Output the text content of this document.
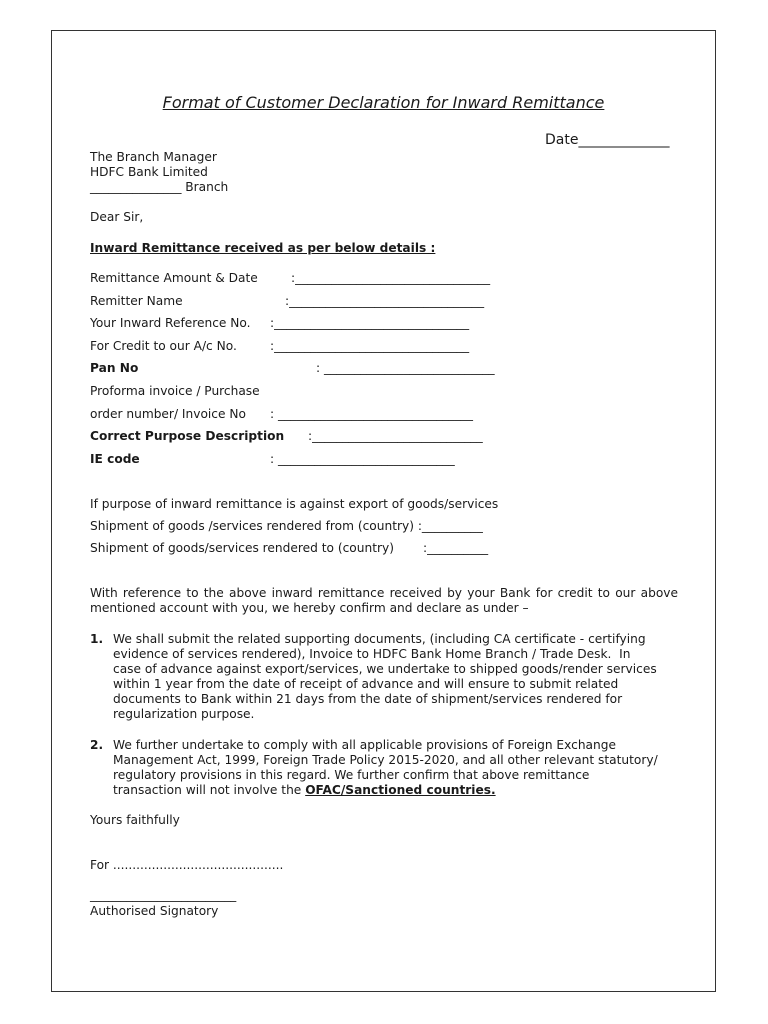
Format of Customer Declaration for Inward Remittance
Date_____________
The Branch Manager
HDFC Bank Limited
_______________ Branch
Dear Sir,
Inward Remittance received as per below details :
Remittance Amount & Date	:________________________________
Remitter Name	:________________________________
Your Inward Reference No. :________________________________
For Credit to our A/c No.	:________________________________
Pan No	: ____________________________
Proforma invoice / Purchase
order number/ Invoice No : ________________________________
Correct Purpose Description :____________________________
IE code	: _____________________________
If purpose of inward remittance is against export of goods/services
Shipment of goods /services rendered from (country) :__________
Shipment of goods/services rendered to (country) :__________
With reference to the above inward remittance received by your Bank for credit to our above mentioned account with you, we hereby confirm and declare as under –
1. We shall submit the related supporting documents, (including CA certificate - certifying
evidence of services rendered), Invoice to HDFC Bank Home Branch / Trade Desk.  In
case of advance against export/services, we undertake to shipped goods/render services
within 1 year from the date of receipt of advance and will ensure to submit related
documents to Bank within 21 days from the date of shipment/services rendered for
regularization purpose.
2. We further undertake to comply with all applicable provisions of Foreign Exchange
Management Act, 1999, Foreign Trade Policy 2015-2020, and all other relevant statutory/
regulatory provisions in this regard. We further confirm that above remittance
transaction will not involve the OFAC/Sanctioned countries.
Yours faithfully
For ............................................
________________________
Authorised Signatory
